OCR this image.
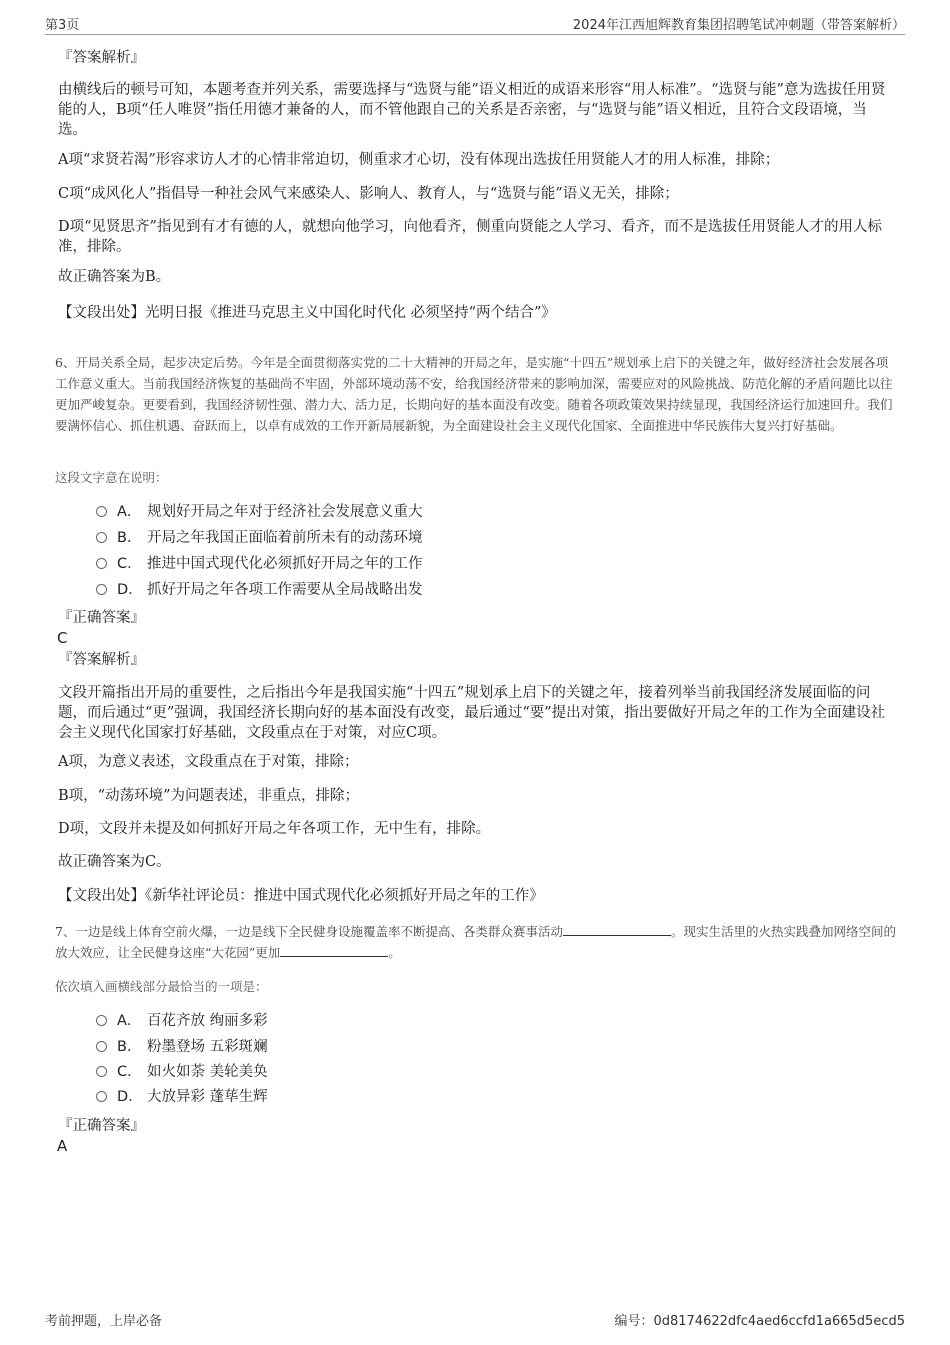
第3页	2024年江西旭辉教育集团招聘笔试冲刺题（带答案解析）
『答案解析』
由横线后的顿号可知，本题考查并列关系，需要选择与“选贤与能”语义相近的成语来形容“用人标准”。“选贤与能”意为选拔任用贤能的人，B项“任人唯贤”指任用德才兼备的人，而不管他跟自己的关系是否亲密，与“选贤与能”语义相近，且符合文段语境，当选。
A项“求贤若渴”形容求访人才的心情非常迫切，侧重求才心切，没有体现出选拔任用贤能人才的用人标准，排除；
C项“成风化人”指倡导一种社会风气来感染人、影响人、教育人，与“选贤与能”语义无关，排除；
D项“见贤思齐”指见到有才有德的人，就想向他学习，向他看齐，侧重向贤能之人学习、看齐，而不是选拔任用贤能人才的用人标准，排除。
故正确答案为B。
【文段出处】光明日报《推进马克思主义中国化时代化 必须坚持“两个结合”》
6、开局关系全局，起步决定后势。今年是全面贯彻落实党的二十大精神的开局之年，是实施“十四五”规划承上启下的关键之年，做好经济社会发展各项工作意义重大。当前我国经济恢复的基础尚不牢固，外部环境动荡不安，给我国经济带来的影响加深，需要应对的风险挑战、防范化解的矛盾问题比以往更加严峻复杂。更要看到，我国经济韧性强、潜力大、活力足，长期向好的基本面没有改变。随着各项政策效果持续显现，我国经济运行加速回升。我们要满怀信心、抓住机遇、奋跃而上，以卓有成效的工作开新局展新貌，为全面建设社会主义现代化国家、全面推进中华民族伟大复兴打好基础。
这段文字意在说明：
A． 规划好开局之年对于经济社会发展意义重大
B． 开局之年我国正面临着前所未有的动荡环境
C． 推进中国式现代化必须抓好开局之年的工作
D． 抓好开局之年各项工作需要从全局战略出发
『正确答案』
C
『答案解析』
文段开篇指出开局的重要性，之后指出今年是我国实施“十四五”规划承上启下的关键之年，接着列举当前我国经济发展面临的问题，而后通过“更”强调，我国经济长期向好的基本面没有改变，最后通过“要”提出对策，指出要做好开局之年的工作为全面建设社会主义现代化国家打好基础，文段重点在于对策，对应C项。
A项，为意义表述，文段重点在于对策，排除；
B项，“动荡环境”为问题表述，非重点，排除；
D项，文段并未提及如何抓好开局之年各项工作，无中生有，排除。
故正确答案为C。
【文段出处】《新华社评论员：推进中国式现代化必须抓好开局之年的工作》
7、一边是线上体育空前火爆，一边是线下全民健身设施覆盖率不断提高、各类群众赛事活动	。现实生活里的火热实践叠加网络空间的放大效应，让全民健身这座“大花园”更加	。
依次填入画横线部分最恰当的一项是：
A． 百花齐放 绚丽多彩
B． 粉墨登场 五彩斑斓
C． 如火如荼 美轮美奂
D． 大放异彩 蓬荜生辉
『正确答案』
A
考前押题，上岸必备	编号：0d8174622dfc4aed6ccfd1a665d5ecd5
